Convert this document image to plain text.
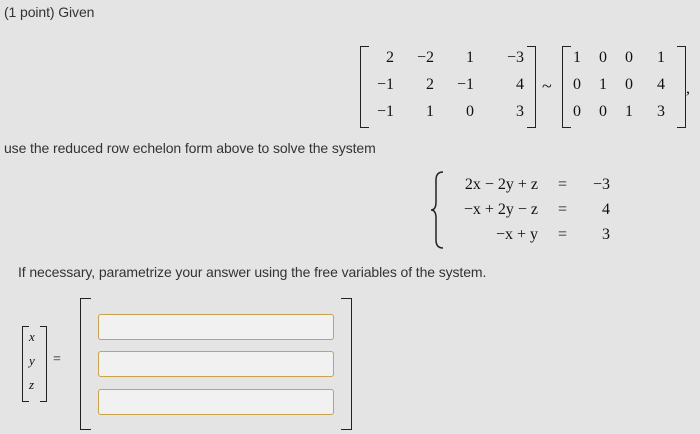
(1 point) Given
2	−2	1	−3
−1	2	−1	4
−1	1	0	3
~
1	0	0	1
0	1	0	4
0	0	1	3
,
use the reduced row echelon form above to solve the system
2x − 2y + z = −3
−x + 2y − z = 4
−x + y = 3
If necessary, parametrize your answer using the free variables of the system.
x
y
z
=
